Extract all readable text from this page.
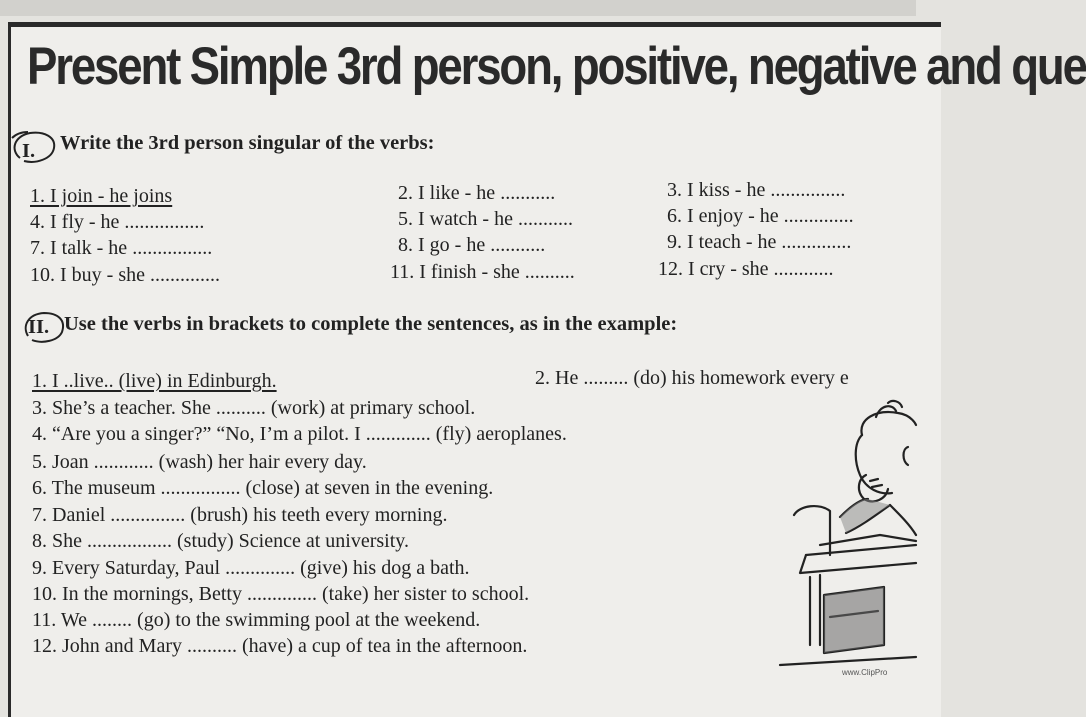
Present Simple 3rd person, positive, negative and que
I. Write the 3rd person singular of the verbs:
1. I join - he joins	2. I like - he ...........	3. I kiss - he ...............
4. I fly - he ................	5. I watch - he ...........	6. I enjoy - he ..............
7. I talk - he ................	8. I go - he ...........	9. I teach - he ..............
10. I buy - she ..............	11. I finish - she ..........	12. I cry - she ............
II. Use the verbs in brackets to complete the sentences, as in the example:
1. I ..live.. (live) in Edinburgh.	2. He ......... (do) his homework every e
3. She’s a teacher. She .......... (work) at primary school.
4. “Are you a singer?” “No, I’m a pilot. I ............. (fly) aeroplanes.
5. Joan ............ (wash) her hair every day.
6. The museum ................ (close) at seven in the evening.
7. Daniel ............... (brush) his teeth every morning.
8. She ................. (study) Science at university.
9. Every Saturday, Paul .............. (give) his dog a bath.
10. In the mornings, Betty .............. (take) her sister to school.
11. We ........ (go) to the swimming pool at the weekend.
12. John and Mary .......... (have) a cup of tea in the afternoon.
www.ClipPro
